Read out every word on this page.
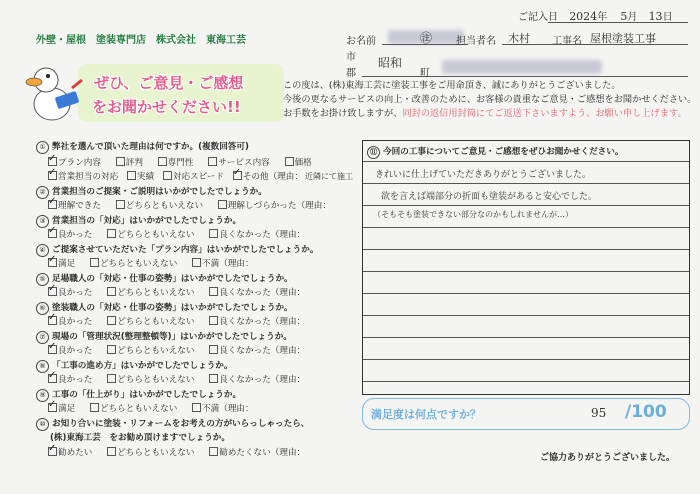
ご記入日 2024年 5月 13日
外壁・屋根　塗装専門店　株式会社　東海工芸	お名前	㊟ 担当者名 木村 工事名 屋根塗装工事
市
郡
昭和
町
ぜひ、ご意見・ご感想
をお聞かせください!!
この度は、(株)東海工芸に塗装工事をご用命頂き、誠にありがとうございました。
今後の更なるサービスの向上・改善のために、お客様の貴重なご意見・ご感想をお聞かせください。
お手数をお掛け致しますが、同封の返信用封筒にてご返送下さいますよう、お願い申し上げます。
① 弊社を選んで頂いた理由は何ですか。(複数回答可)
✓プラン内容	評判	専門性	サービス内容	価格
✓営業担当の対応 実績 対応スピード ✓ その他（理由： 近隣にて施工
② 営業担当のご提案・ご説明はいかがでしたでしょうか。
✓理解できた	どちらともいえない	理解しづらかった（理由：
③ 営業担当の「対応」はいかがでしたでしょうか。
✓良かった	どちらともいえない	良くなかった（理由：
④ ご提案させていただいた「プラン内容」はいかがでしたでしょうか。
✓満足	どちらともいえない	不満（理由：
⑤ 足場職人の「対応・仕事の姿勢」はいかがでしたでしょうか。
✓良かった	どちらともいえない	良くなかった（理由：
⑥ 塗装職人の「対応・仕事の姿勢」はいかがでしたでしょうか。
✓良かった	どちらともいえない	良くなかった（理由：
⑦ 現場の「管理状況(整理整頓等)」はいかがでしたでしょうか。
✓良かった	どちらともいえない	良くなかった（理由：
⑧ 「工事の進め方」はいかがでしたでしょうか。
✓良かった	どちらともいえない	良くなかった（理由：
⑨ 工事の「仕上がり」はいかがでしたでしょうか。
✓満足	どちらともいえない	不満（理由：
⑩ お知り合いに塗装・リフォームをお考えの方がいらっしゃったら、
(株)東海工芸　をお勧め頂けますでしょうか。
✓勧めたい	どちらともいえない	勧めたくない（理由：
⑪ 今回の工事についてご意見・ご感想をぜひお聞かせください。
きれいに仕上げていただきありがとうございました。
欲を言えば端部分の折面も塗装があると安心でした。
（そもそも塗装できない部分なのかもしれませんが…）
満足度は何点ですか？	95 /100
ご協力ありがとうございました。
